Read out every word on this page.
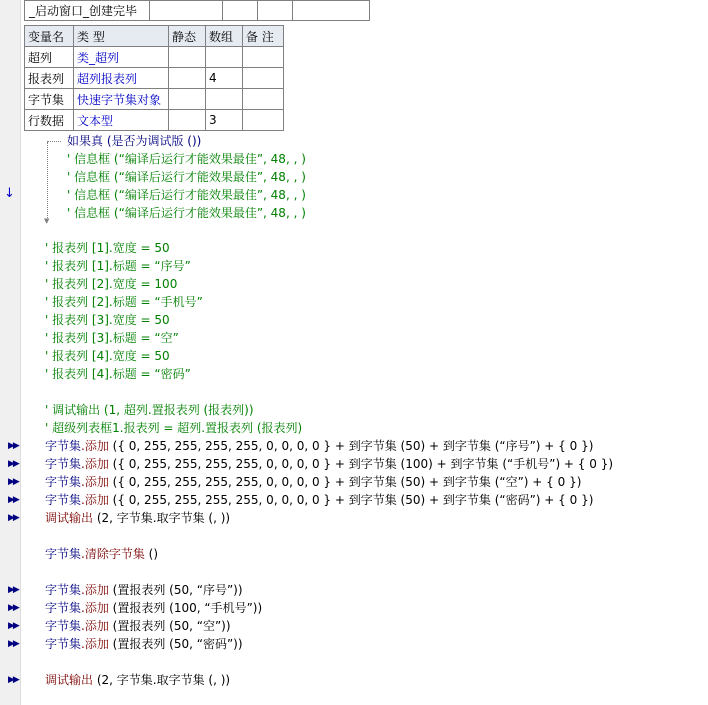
↓
_启动窗口_创建完毕				
变量名	类 型	静态	数组	备 注
超列	类_超列			
报表列	超列报表列		4	
字节集	快速字节集对象			
行数据	文本型		3	
▼
如果真 (是否为调试版 ())
' 信息框 (“编译后运行才能效果最佳”, 48, , )
' 信息框 (“编译后运行才能效果最佳”, 48, , )
' 信息框 (“编译后运行才能效果最佳”, 48, , )
' 信息框 (“编译后运行才能效果最佳”, 48, , )
' 报表列 [1].宽度 = 50
' 报表列 [1].标题 = “序号”
' 报表列 [2].宽度 = 100
' 报表列 [2].标题 = “手机号”
' 报表列 [3].宽度 = 50
' 报表列 [3].标题 = “空”
' 报表列 [4].宽度 = 50
' 报表列 [4].标题 = “密码”
' 调试输出 (1, 超列.置报表列 (报表列))
' 超级列表框1.报表列 = 超列.置报表列 (报表列)
▶▶ 字节集.添加 ({ 0, 255, 255, 255, 255, 0, 0, 0, 0 } + 到字节集 (50) + 到字节集 (“序号”) + { 0 })
▶▶ 字节集.添加 ({ 0, 255, 255, 255, 255, 0, 0, 0, 0 } + 到字节集 (100) + 到字节集 (“手机号”) + { 0 })
▶▶ 字节集.添加 ({ 0, 255, 255, 255, 255, 0, 0, 0, 0 } + 到字节集 (50) + 到字节集 (“空”) + { 0 })
▶▶ 字节集.添加 ({ 0, 255, 255, 255, 255, 0, 0, 0, 0 } + 到字节集 (50) + 到字节集 (“密码”) + { 0 })
▶▶ 调试输出 (2, 字节集.取字节集 (, ))
字节集.清除字节集 ()
▶▶ 字节集.添加 (置报表列 (50, “序号”))
▶▶ 字节集.添加 (置报表列 (100, “手机号”))
▶▶ 字节集.添加 (置报表列 (50, “空”))
▶▶ 字节集.添加 (置报表列 (50, “密码”))
▶▶ 调试输出 (2, 字节集.取字节集 (, ))
